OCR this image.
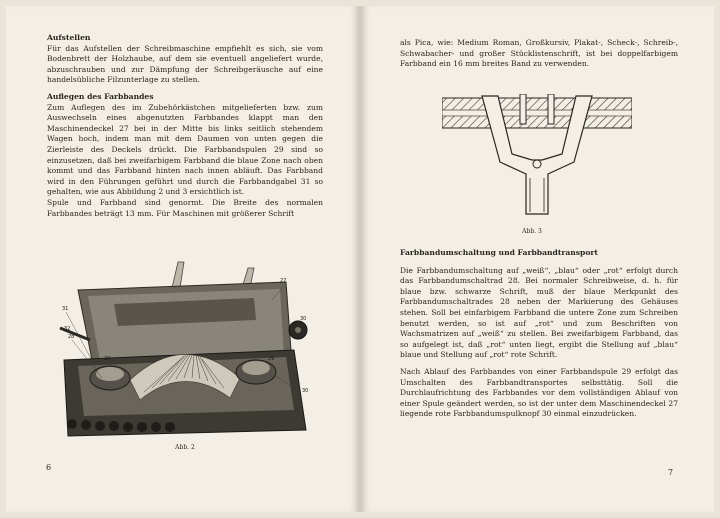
Aufstellen

Für das Aufstellen der Schreibmaschine empfiehlt es sich, sie vom Bodenbrett der Holzhaube, auf dem sie eventuell angeliefert wurde, abzuschrauben und zur Dämpfung der Schreibgeräusche auf eine handelsübliche Filzunterlage zu stellen.

Auflegen des Farbbandes

Zum Auflegen des im Zubehörkästchen mitgelieferten bzw. zum Auswechseln eines abgenutzten Farbbandes klappt man den Maschinendeckel 27 bei in der Mitte bis links seitlich stehendem Wagen hoch, indem man mit dem Daumen von unten gegen die Zierleiste des Deckels drückt. Die Farbbandspulen 29 sind so einzusetzen, daß bei zweifarbigem Farbband die blaue Zone nach oben kommt und das Farbband hinten nach innen abläuft. Das Farbband wird in den Führungen geführt und durch die Farbbandgabel 31 so gehalten, wie aus Abbildung 2 und 3 ersichtlich ist.

Spule und Farbband sind genormt. Die Breite des normalen Farbbandes beträgt 13 mm. Für Maschinen mit größerer Schrift

31
28
27
32
30
29	29
30
Abb. 2
6

als Pica, wie: Medium Roman, Großkursiv, Plakat-, Scheck-, Schreib-, Schwabacher- und großer Stücklistenschrift, ist bei doppelfarbigem Farbband ein 16 mm breites Band zu verwenden.

Abb. 3
Farbbandumschaltung und Farbbandtransport

Die Farbbandumschaltung auf „weiß“, „blau“ oder „rot“ erfolgt durch das Farbbandumschaltrad 28. Bei normaler Schreibweise, d. h. für blaue bzw. schwarze Schrift, muß der blaue Merkpunkt des Farbbandumschaltrades 28 neben der Markierung des Gehäuses stehen. Soll bei einfarbigem Farbband die untere Zone zum Schreiben benutzt werden, so ist auf „rot“ und zum Beschriften von Wachsmatrizen auf „weiß“ zu stellen. Bei zweifarbigem Farbband, das so aufgelegt ist, daß „rot“ unten liegt, ergibt die Stellung auf „blau“ blaue und Stellung auf „rot“ rote Schrift.

Nach Ablauf des Farbbandes von einer Farbbandspule 29 erfolgt das Umschalten des Farbbandtransportes selbsttätig. Soll die Durchlaufrichtung des Farbbandes vor dem vollständigen Ablauf von einer Spule geändert werden, so ist der unter dem Maschinendeckel 27 liegende rote Farbbandumspulknopf 30 einmal einzudrücken.

7
